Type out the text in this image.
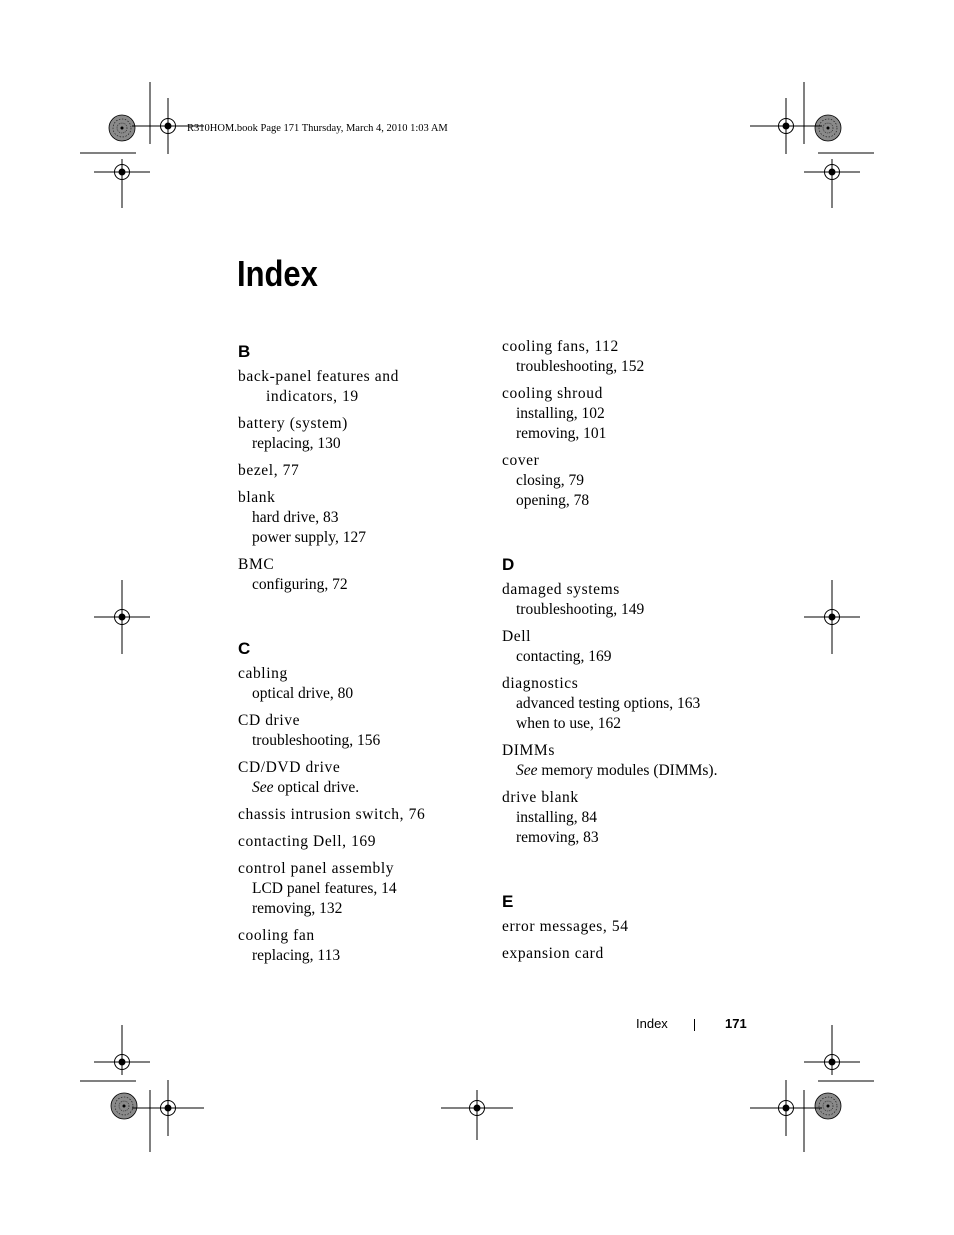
R310HOM.book Page 171 Thursday, March 4, 2010 1:03 AM
Index
B
back-panel features and
indicators, 19
battery (system)
replacing, 130
bezel, 77
blank
hard drive, 83
power supply, 127
BMC
configuring, 72
C
cabling
optical drive, 80
CD drive
troubleshooting, 156
CD/DVD drive
See optical drive.
chassis intrusion switch, 76
contacting Dell, 169
control panel assembly
LCD panel features, 14
removing, 132
cooling fan
replacing, 113
cooling fans, 112
troubleshooting, 152
cooling shroud
installing, 102
removing, 101
cover
closing, 79
opening, 78
D
damaged systems
troubleshooting, 149
Dell
contacting, 169
diagnostics
advanced testing options, 163
when to use, 162
DIMMs
See memory modules (DIMMs).
drive blank
installing, 84
removing, 83
E
error messages, 54
expansion card
Index	171
